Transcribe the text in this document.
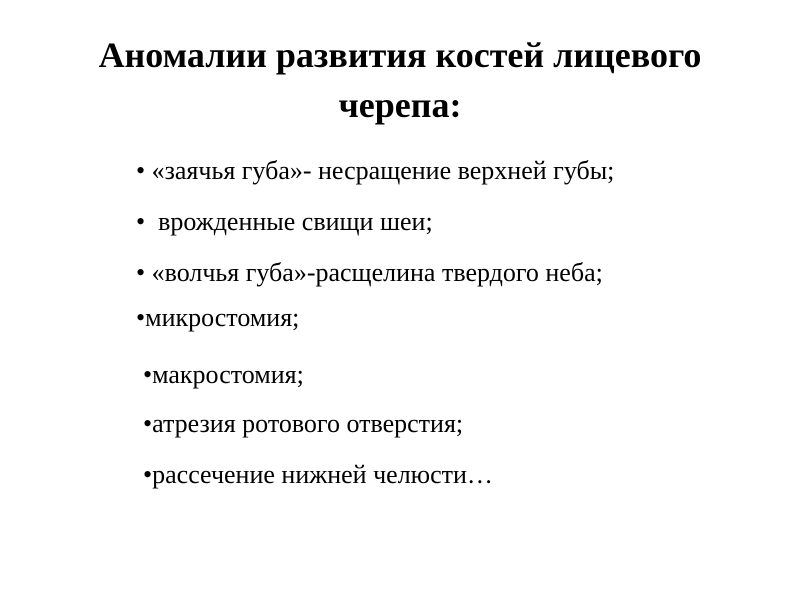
Аномалии развития костей лицевого
черепа:

• «заячья губа»- несращение верхней губы;

•  врожденные свищи шеи;

• «волчья губа»-расщелина твердого неба;

•микростомия;

•макростомия;

•атрезия ротового отверстия;

•рассечение нижней челюсти…
